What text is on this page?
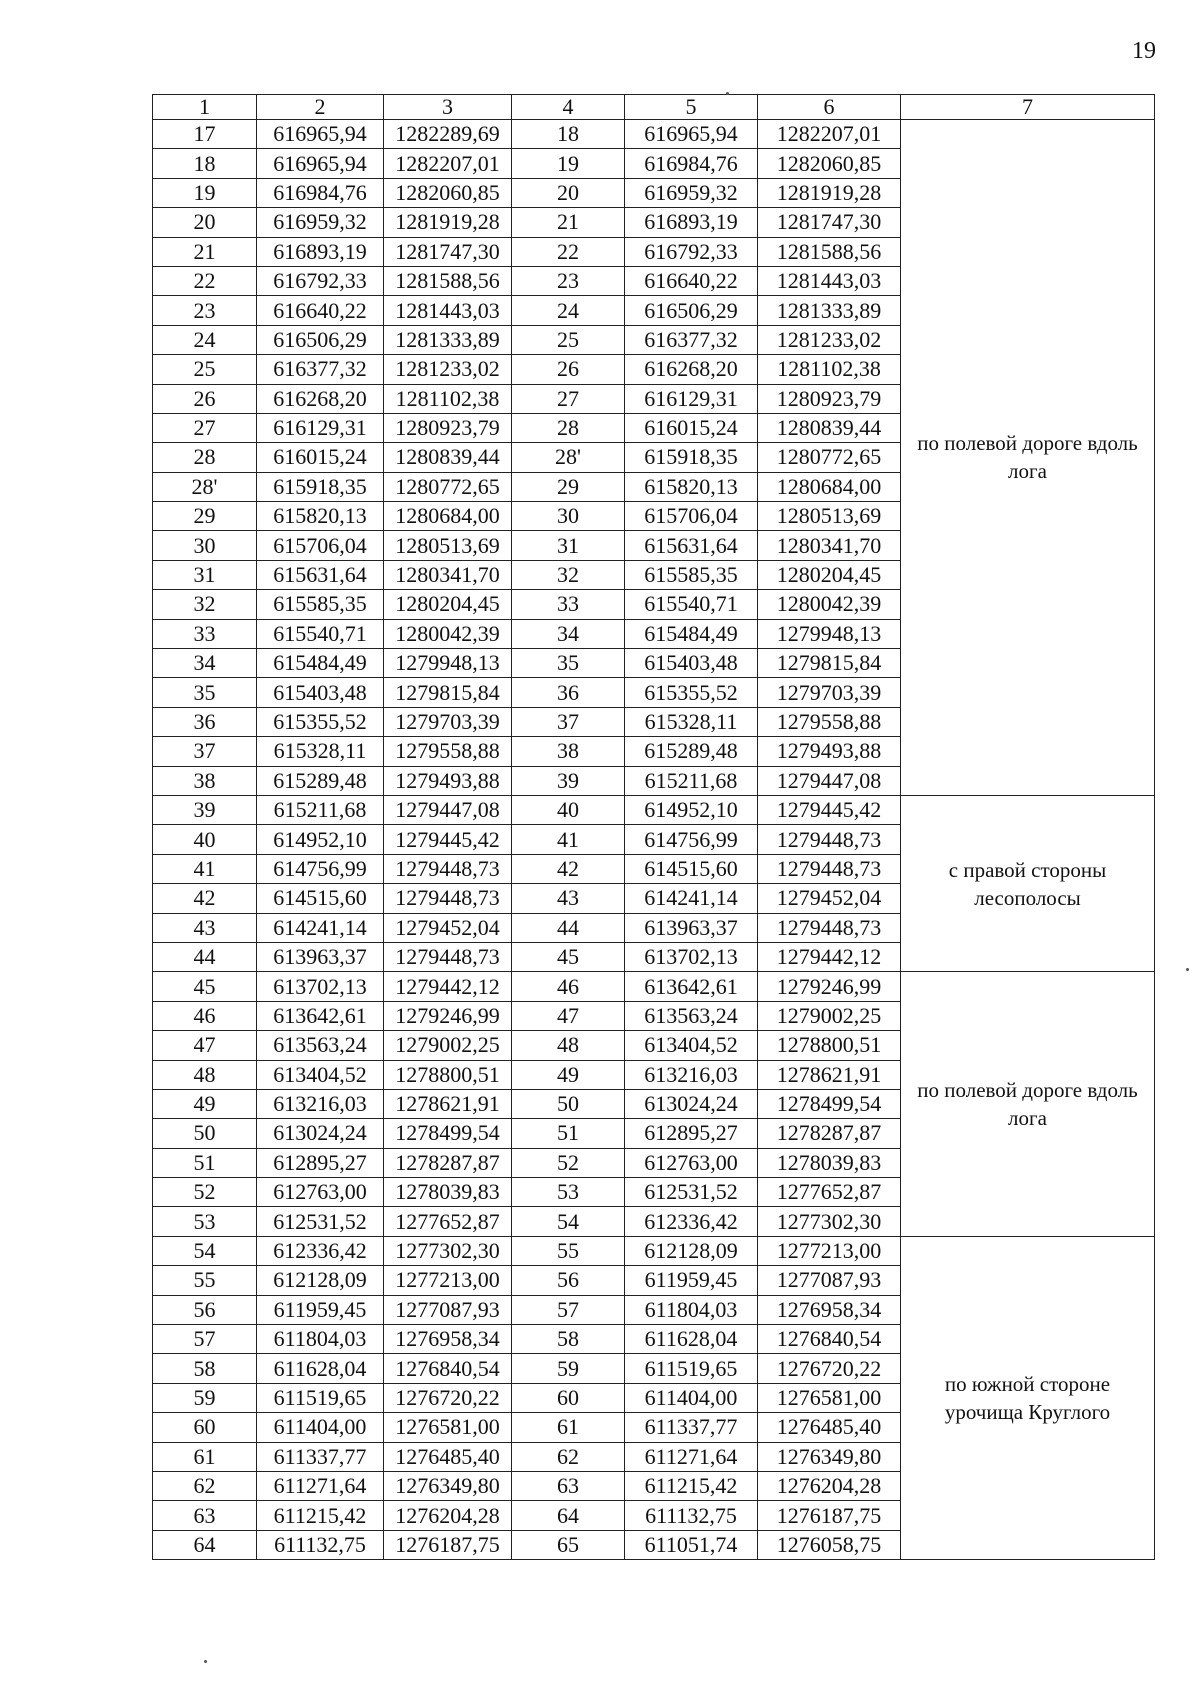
19
1	2	3	4	5	6	7
17	616965,94	1282289,69	18	616965,94	1282207,01	по полевой дороге вдоль лога
18	616965,94	1282207,01	19	616984,76	1282060,85	
19	616984,76	1282060,85	20	616959,32	1281919,28	
20	616959,32	1281919,28	21	616893,19	1281747,30	
21	616893,19	1281747,30	22	616792,33	1281588,56	
22	616792,33	1281588,56	23	616640,22	1281443,03	
23	616640,22	1281443,03	24	616506,29	1281333,89	
24	616506,29	1281333,89	25	616377,32	1281233,02	
25	616377,32	1281233,02	26	616268,20	1281102,38	
26	616268,20	1281102,38	27	616129,31	1280923,79	
27	616129,31	1280923,79	28	616015,24	1280839,44	
28	616015,24	1280839,44	28'	615918,35	1280772,65	
28'	615918,35	1280772,65	29	615820,13	1280684,00	
29	615820,13	1280684,00	30	615706,04	1280513,69	
30	615706,04	1280513,69	31	615631,64	1280341,70	
31	615631,64	1280341,70	32	615585,35	1280204,45	
32	615585,35	1280204,45	33	615540,71	1280042,39	
33	615540,71	1280042,39	34	615484,49	1279948,13	
34	615484,49	1279948,13	35	615403,48	1279815,84	
35	615403,48	1279815,84	36	615355,52	1279703,39	
36	615355,52	1279703,39	37	615328,11	1279558,88	
37	615328,11	1279558,88	38	615289,48	1279493,88	
38	615289,48	1279493,88	39	615211,68	1279447,08	
39	615211,68	1279447,08	40	614952,10	1279445,42	с правой стороны лесополосы
40	614952,10	1279445,42	41	614756,99	1279448,73	
41	614756,99	1279448,73	42	614515,60	1279448,73	
42	614515,60	1279448,73	43	614241,14	1279452,04	
43	614241,14	1279452,04	44	613963,37	1279448,73	
44	613963,37	1279448,73	45	613702,13	1279442,12	
45	613702,13	1279442,12	46	613642,61	1279246,99	по полевой дороге вдоль лога
46	613642,61	1279246,99	47	613563,24	1279002,25	
47	613563,24	1279002,25	48	613404,52	1278800,51	
48	613404,52	1278800,51	49	613216,03	1278621,91	
49	613216,03	1278621,91	50	613024,24	1278499,54	
50	613024,24	1278499,54	51	612895,27	1278287,87	
51	612895,27	1278287,87	52	612763,00	1278039,83	
52	612763,00	1278039,83	53	612531,52	1277652,87	
53	612531,52	1277652,87	54	612336,42	1277302,30	
54	612336,42	1277302,30	55	612128,09	1277213,00	по южной стороне урочища Круглого
55	612128,09	1277213,00	56	611959,45	1277087,93	
56	611959,45	1277087,93	57	611804,03	1276958,34	
57	611804,03	1276958,34	58	611628,04	1276840,54	
58	611628,04	1276840,54	59	611519,65	1276720,22	
59	611519,65	1276720,22	60	611404,00	1276581,00	
60	611404,00	1276581,00	61	611337,77	1276485,40	
61	611337,77	1276485,40	62	611271,64	1276349,80	
62	611271,64	1276349,80	63	611215,42	1276204,28	
63	611215,42	1276204,28	64	611132,75	1276187,75	
64	611132,75	1276187,75	65	611051,74	1276058,75	
